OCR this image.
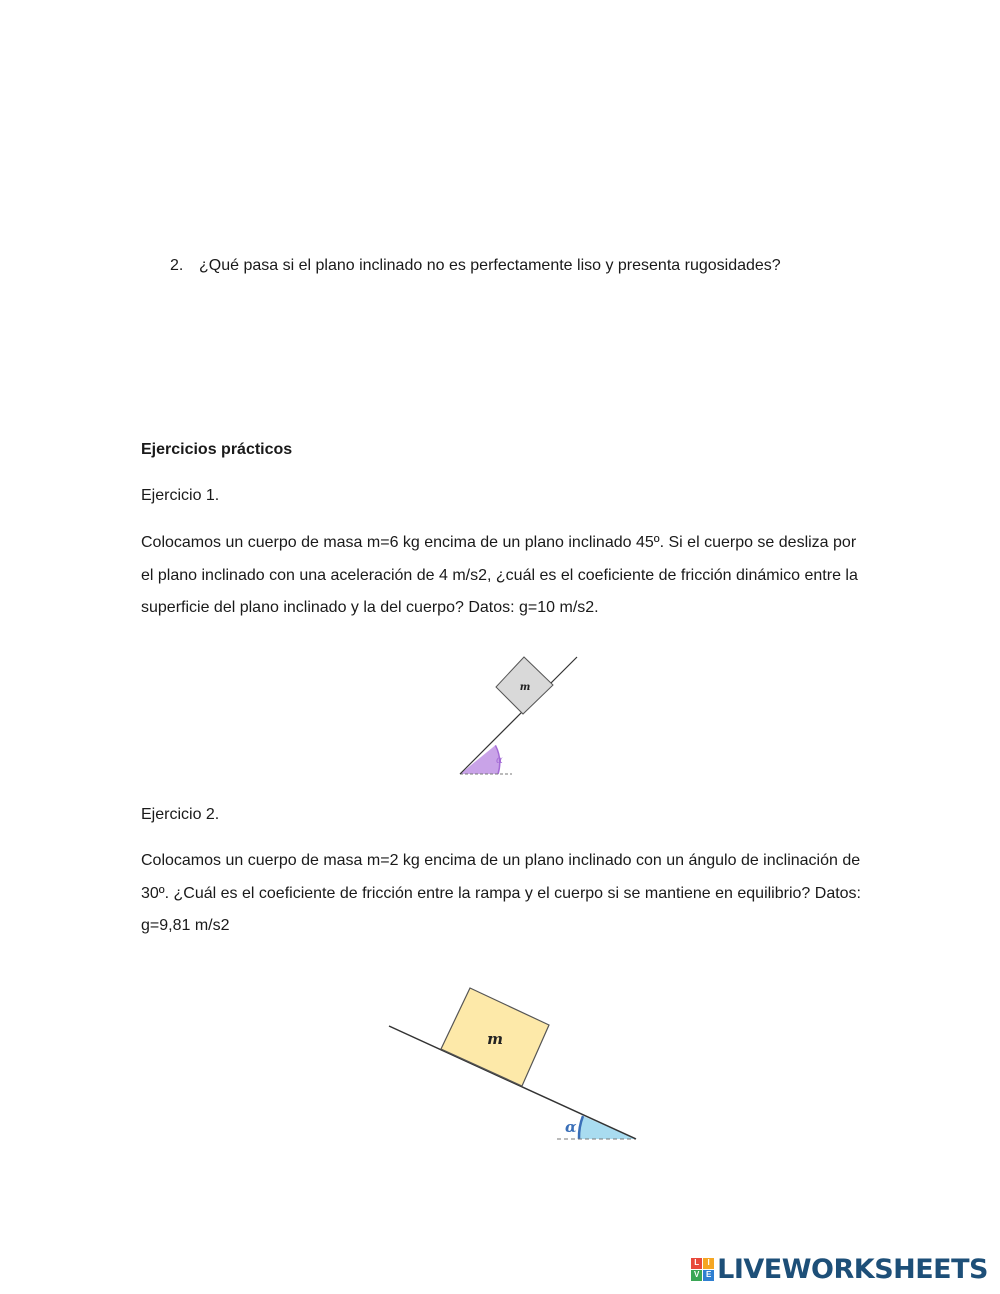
2. ¿Qué pasa si el plano inclinado no es perfectamente liso y presenta rugosidades?

Ejercicios prácticos

Ejercicio 1.

Colocamos un cuerpo de masa m=6 kg encima de un plano inclinado 45º. Si el cuerpo se desliza por
el plano inclinado con una aceleración de 4 m/s2, ¿cuál es el coeficiente de fricción dinámico entre la
superficie del plano inclinado y la del cuerpo? Datos: g=10 m/s2.
m
α

Ejercicio 2.

Colocamos un cuerpo de masa m=2 kg encima de un plano inclinado con un ángulo de inclinación de
30º. ¿Cuál es el coeficiente de fricción entre la rampa y el cuerpo si se mantiene en equilibrio? Datos:
g=9,81 m/s2
m
α
L	I
V E LIVEWORKSHEETS
